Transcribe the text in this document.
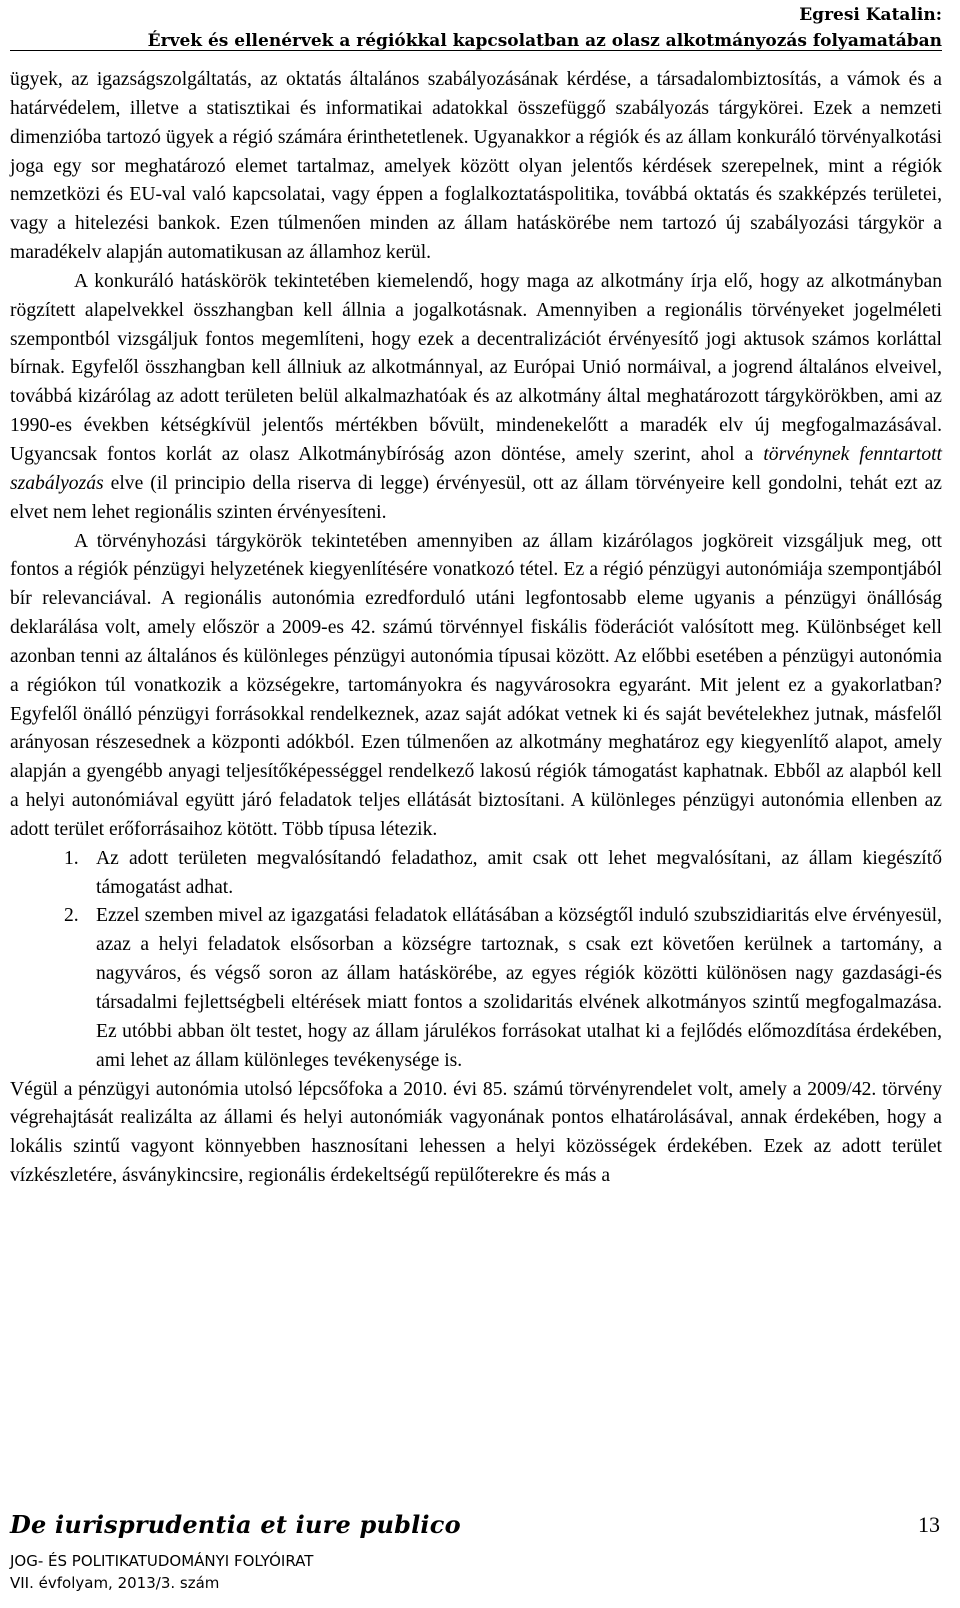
Egresi Katalin:
Érvek és ellenérvek a régiókkal kapcsolatban az olasz alkotmányozás folyamatában

ügyek, az igazságszolgáltatás, az oktatás általános szabályozásának kérdése, a társadalombiztosítás, a vámok és a határvédelem, illetve a statisztikai és informatikai adatokkal összefüggő szabályozás tárgykörei. Ezek a nemzeti dimenzióba tartozó ügyek a régió számára érinthetetlenek. Ugyanakkor a régiók és az állam konkuráló törvényalkotási joga egy sor meghatározó elemet tartalmaz, amelyek között olyan jelentős kérdések szerepelnek, mint a régiók nemzetközi és EU-val való kapcsolatai, vagy éppen a foglalkoztatáspolitika, továbbá oktatás és szakképzés területei, vagy a hitelezési bankok. Ezen túlmenően minden az állam hatáskörébe nem tartozó új szabályozási tárgykör a maradékelv alapján automatikusan az államhoz kerül.

A konkuráló hatáskörök tekintetében kiemelendő, hogy maga az alkotmány írja elő, hogy az alkotmányban rögzített alapelvekkel összhangban kell állnia a jogalkotásnak. Amennyiben a regionális törvényeket jogelméleti szempontból vizsgáljuk fontos megemlíteni, hogy ezek a decentralizációt érvényesítő jogi aktusok számos korláttal bírnak. Egyfelől összhangban kell állniuk az alkotmánnyal, az Európai Unió normáival, a jogrend általános elveivel, továbbá kizárólag az adott területen belül alkalmazhatóak és az alkotmány által meghatározott tárgykörökben, ami az 1990-es években kétségkívül jelentős mértékben bővült, mindenekelőtt a maradék elv új megfogalmazásával. Ugyancsak fontos korlát az olasz Alkotmánybíróság azon döntése, amely szerint, ahol a törvénynek fenntartott szabályozás elve (il principio della riserva di legge) érvényesül, ott az állam törvényeire kell gondolni, tehát ezt az elvet nem lehet regionális szinten érvényesíteni.

A törvényhozási tárgykörök tekintetében amennyiben az állam kizárólagos jogköreit vizsgáljuk meg, ott fontos a régiók pénzügyi helyzetének kiegyenlítésére vonatkozó tétel. Ez a régió pénzügyi autonómiája szempontjából bír relevanciával. A regionális autonómia ezredforduló utáni legfontosabb eleme ugyanis a pénzügyi önállóság deklarálása volt, amely először a 2009-es 42. számú törvénnyel fiskális föderációt valósított meg. Különbséget kell azonban tenni az általános és különleges pénzügyi autonómia típusai között. Az előbbi esetében a pénzügyi autonómia a régiókon túl vonatkozik a községekre, tartományokra és nagyvárosokra egyaránt. Mit jelent ez a gyakorlatban? Egyfelől önálló pénzügyi forrásokkal rendelkeznek, azaz saját adókat vetnek ki és saját bevételekhez jutnak, másfelől arányosan részesednek a központi adókból. Ezen túlmenően az alkotmány meghatároz egy kiegyenlítő alapot, amely alapján a gyengébb anyagi teljesítőképességgel rendelkező lakosú régiók támogatást kaphatnak. Ebből az alapból kell a helyi autonómiával együtt járó feladatok teljes ellátását biztosítani. A különleges pénzügyi autonómia ellenben az adott terület erőforrásaihoz kötött. Több típusa létezik.

1. Az adott területen megvalósítandó feladathoz, amit csak ott lehet megvalósítani, az állam kiegészítő támogatást adhat.
2. Ezzel szemben mivel az igazgatási feladatok ellátásában a községtől induló szubszidiaritás elve érvényesül, azaz a helyi feladatok elsősorban a községre tartoznak, s csak ezt követően kerülnek a tartomány, a nagyváros, és végső soron az állam hatáskörébe, az egyes régiók közötti különösen nagy gazdasági-és társadalmi fejlettségbeli eltérések miatt fontos a szolidaritás elvének alkotmányos szintű megfogalmazása. Ez utóbbi abban ölt testet, hogy az állam járulékos forrásokat utalhat ki a fejlődés előmozdítása érdekében, ami lehet az állam különleges tevékenysége is.

Végül a pénzügyi autonómia utolsó lépcsőfoka a 2010. évi 85. számú törvényrendelet volt, amely a 2009/42. törvény végrehajtását realizálta az állami és helyi autonómiák vagyonának pontos elhatárolásával, annak érdekében, hogy a lokális szintű vagyont könnyebben hasznosítani lehessen a helyi közösségek érdekében. Ezek az adott terület vízkészletére, ásványkincsire, regionális érdekeltségű repülőterekre és más a

De iurisprudentia et iure publico	13
JOG- ÉS POLITIKATUDOMÁNYI FOLYÓIRAT
VII. évfolyam, 2013/3. szám
